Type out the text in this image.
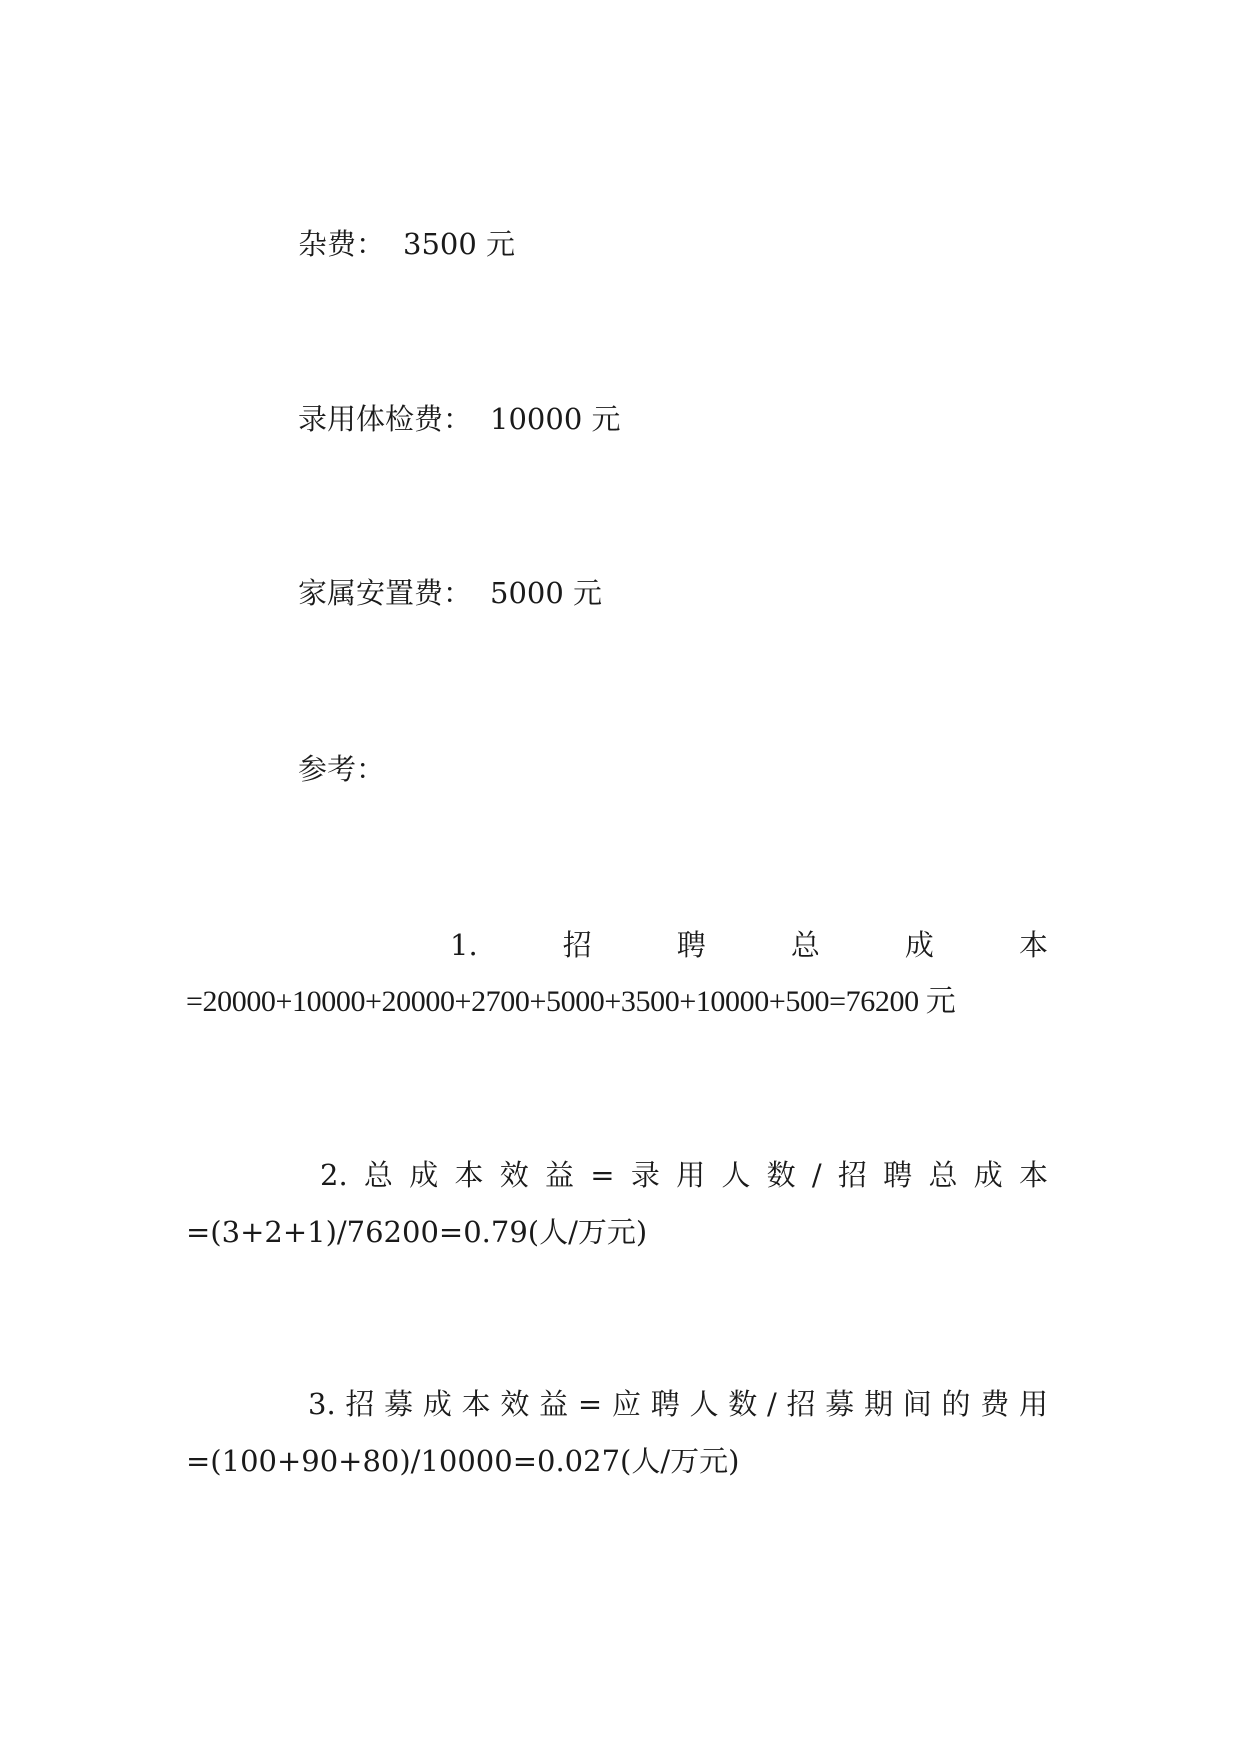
杂费： 3500 元
录用体检费： 10000 元
家属安置费： 5000 元
参考：
1.	招	聘	总	成	本
=20000+10000+20000+2700+5000+3500+10000+500=76200 元
2. 总 成 本 效 益 = 录 用 人 数 / 招 聘 总 成 本
=(3+2+1)/76200=0.79(人/万元)
3. 招 募 成 本 效 益 = 应 聘 人 数 / 招 募 期 间 的 费 用
=(100+90+80)/10000=0.027(人/万元)
